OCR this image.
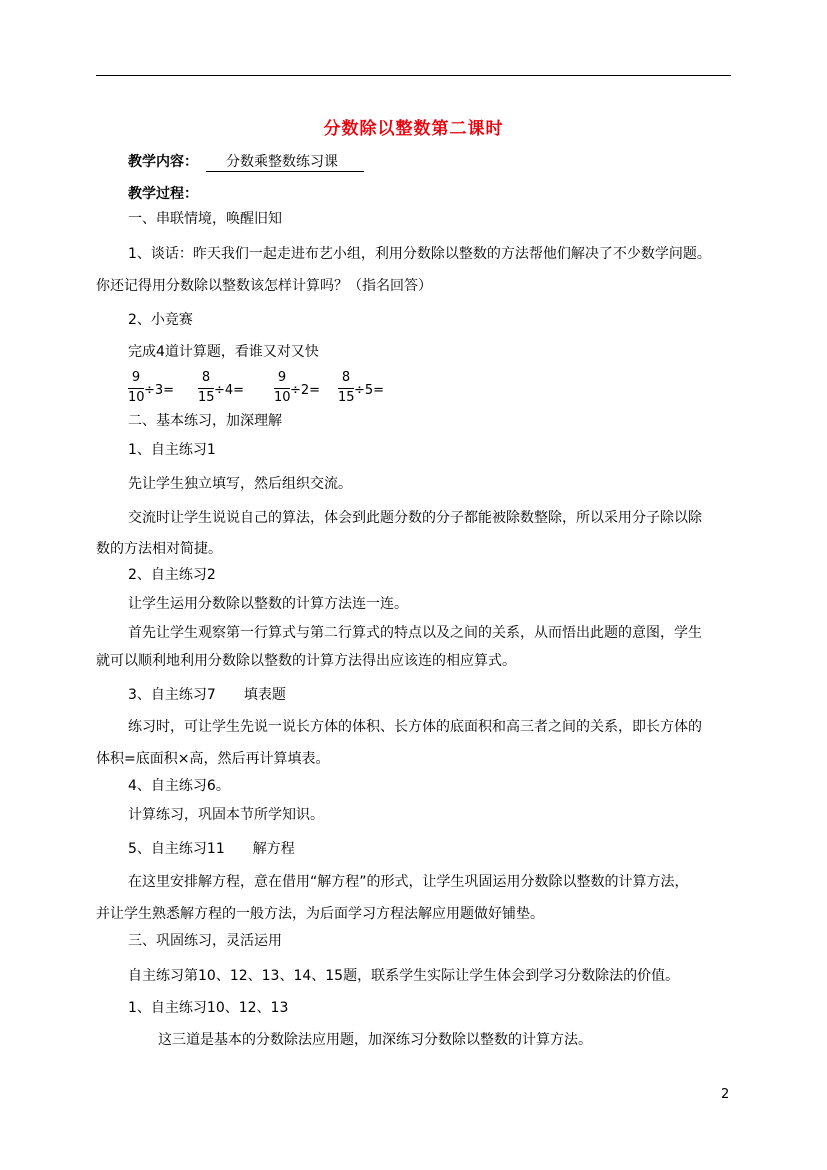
分数除以整数第二课时
教学内容： 分数乘整数练习课
教学过程：
一、串联情境，唤醒旧知
1、谈话：昨天我们一起走进布艺小组，利用分数除以整数的方法帮他们解决了不少数学问题。
你还记得用分数除以整数该怎样计算吗？（指名回答）
2、小竞赛
完成4道计算题，看谁又对又快
9
10 ÷3=
8
15 ÷4=
9
10 ÷2=
8
15 ÷5=
二、基本练习，加深理解
1、自主练习1
先让学生独立填写，然后组织交流。
交流时让学生说说自己的算法，体会到此题分数的分子都能被除数整除，所以采用分子除以除
数的方法相对简捷。
2、自主练习2
让学生运用分数除以整数的计算方法连一连。
首先让学生观察第一行算式与第二行算式的特点以及之间的关系，从而悟出此题的意图，学生
就可以顺利地利用分数除以整数的计算方法得出应该连的相应算式。
3、自主练习7　　填表题
练习时，可让学生先说一说长方体的体积、长方体的底面积和高三者之间的关系，即长方体的
体积=底面积×高，然后再计算填表。
4、自主练习6。
计算练习，巩固本节所学知识。
5、自主练习11　　解方程
在这里安排解方程，意在借用“解方程”的形式，让学生巩固运用分数除以整数的计算方法，
并让学生熟悉解方程的一般方法，为后面学习方程法解应用题做好铺垫。
三、巩固练习，灵活运用
自主练习第10、12、13、14、15题，联系学生实际让学生体会到学习分数除法的价值。
1、自主练习10、12、13
这三道是基本的分数除法应用题，加深练习分数除以整数的计算方法。
2
